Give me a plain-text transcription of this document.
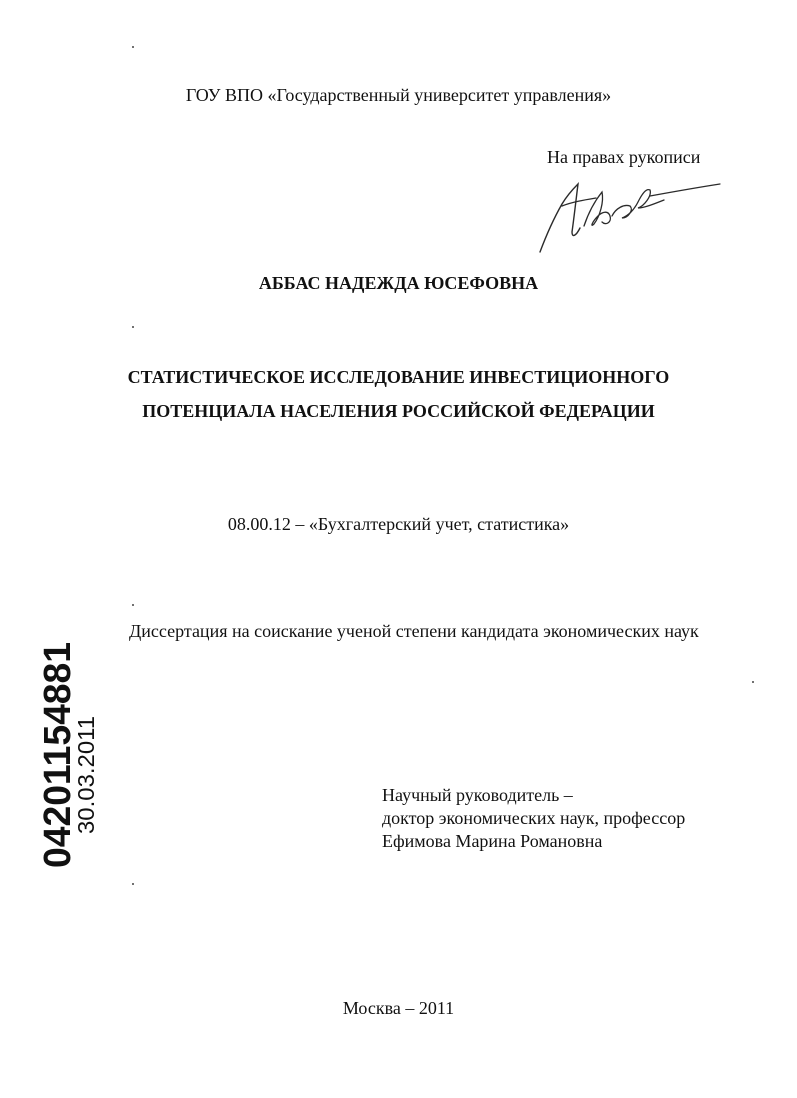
ГОУ ВПО «Государственный университет управления»
На правах рукописи
АББАС НАДЕЖДА ЮСЕФОВНА
СТАТИСТИЧЕСКОЕ ИССЛЕДОВАНИЕ ИНВЕСТИЦИОННОГО
ПОТЕНЦИАЛА НАСЕЛЕНИЯ РОССИЙСКОЙ ФЕДЕРАЦИИ
08.00.12 – «Бухгалтерский учет, статистика»
Диссертация на соискание ученой степени кандидата экономических наук
Научный руководитель –
доктор экономических наук, профессор
Ефимова Марина Романовна
Москва – 2011
04201154881
30.03.2011
